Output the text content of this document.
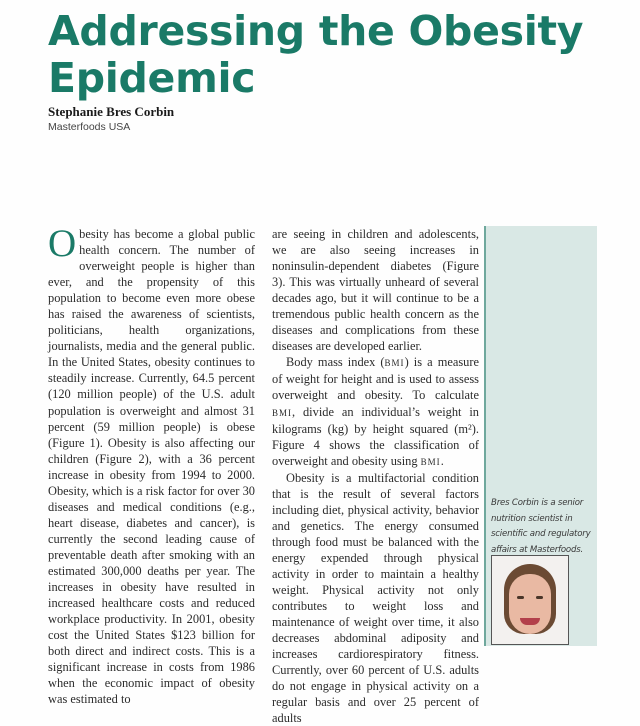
Addressing the Obesity
Epidemic
Stephanie Bres Corbin
Masterfoods USA

Obesity has become a global public health concern. The number of overweight people is higher than ever, and the propensity of this population to become even more obese has raised the awareness of scientists, politicians, health organizations, journalists, media and the general public. In the United States, obesity continues to steadily increase. Currently, 64.5 percent (120 million people) of the U.S. adult population is overweight and almost 31 percent (59 million people) is obese (Figure 1). Obesity is also affecting our children (Figure 2), with a 36 percent increase in obesity from 1994 to 2000. Obesity, which is a risk factor for over 30 diseases and medical conditions (e.g., heart disease, diabetes and cancer), is currently the second leading cause of preventable death after smoking with an estimated 300,000 deaths per year. The increases in obesity have resulted in increased healthcare costs and reduced workplace productivity. In 2001, obesity cost the United States $123 billion for both direct and indirect costs. This is a significant increase in costs from 1986 when the economic impact of obesity was estimated to

are seeing in children and adolescents, we are also seeing increases in noninsulin-dependent diabetes (Figure 3). This was virtually unheard of several decades ago, but it will continue to be a tremendous public health concern as the diseases and complications from these diseases are developed earlier.

Body mass index (BMI) is a measure of weight for height and is used to assess overweight and obesity. To calculate BMI, divide an individual’s weight in kilograms (kg) by height squared (m²). Figure 4 shows the classification of overweight and obesity using BMI.

Obesity is a multifactorial condition that is the result of several factors including diet, physical activity, behavior and genetics. The energy consumed through food must be balanced with the energy expended through physical activity in order to maintain a healthy weight. Physical activity not only contributes to weight loss and maintenance of weight over time, it also decreases abdominal adiposity and increases cardiorespiratory fitness. Currently, over 60 percent of U.S. adults do not engage in physical activity on a regular basis and over 25 percent of adults

Bres Corbin is a senior nutrition scientist in scientific and regulatory affairs at Masterfoods.
